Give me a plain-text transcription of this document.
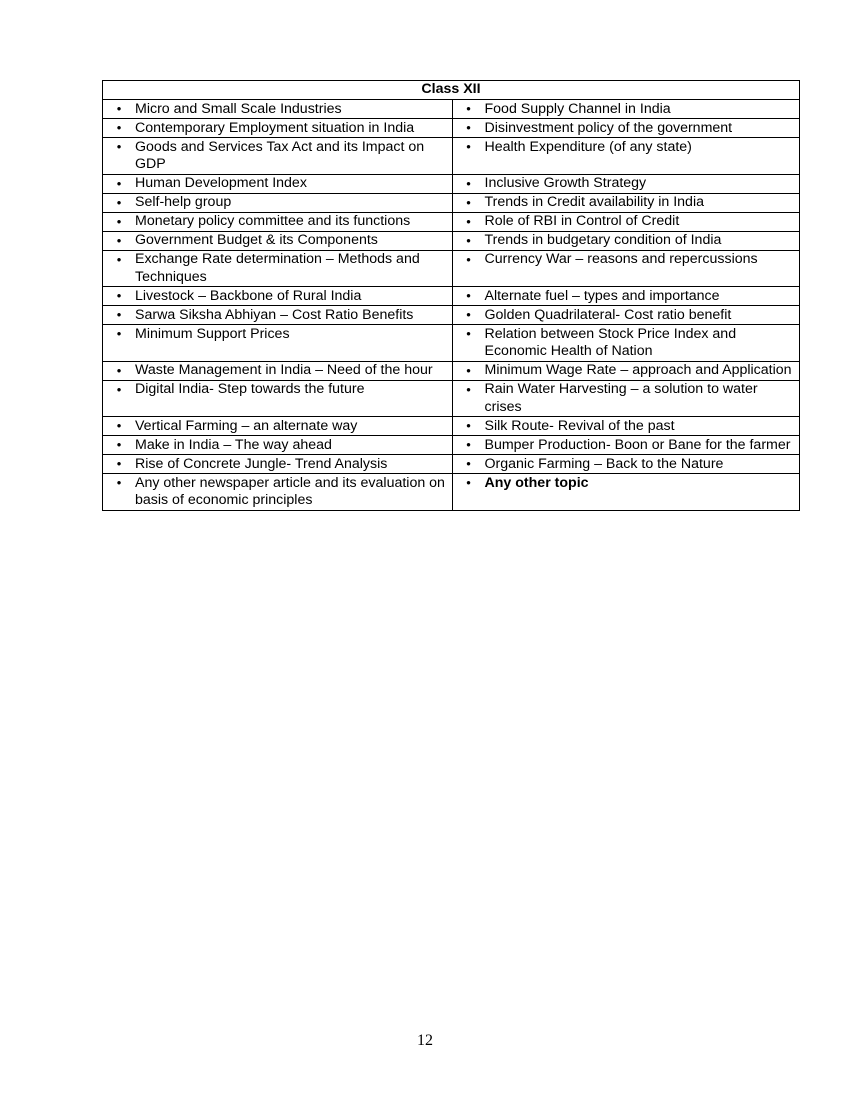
Class XII	

• Micro and Small Scale Industries	• Food Supply Channel in India

• Contemporary Employment situation in India	• Disinvestment policy of the government

• Goods and Services Tax Act and its Impact on GDP	• Health Expenditure (of any state)

• Human Development Index	• Inclusive Growth Strategy

• Self-help group	• Trends in Credit availability in India

• Monetary policy committee and its functions	• Role of RBI in Control of Credit

• Government Budget & its Components	• Trends in budgetary condition of India

• Exchange Rate determination – Methods and Techniques	• Currency War – reasons and repercussions

• Livestock – Backbone of Rural India	• Alternate fuel – types and importance

• Sarwa Siksha Abhiyan – Cost Ratio Benefits	• Golden Quadrilateral- Cost ratio benefit

• Minimum Support Prices	• Relation between Stock Price Index and Economic Health of Nation

• Waste Management in India – Need of the hour	• Minimum Wage Rate – approach and Application

• Digital India- Step towards the future	• Rain Water Harvesting – a solution to water crises

• Vertical Farming – an alternate way	• Silk Route- Revival of the past

• Make in India – The way ahead	• Bumper Production- Boon or Bane for the farmer

• Rise of Concrete Jungle- Trend Analysis	• Organic Farming – Back to the Nature

• Any other newspaper article and its evaluation on basis of economic principles	• Any other topic
12
